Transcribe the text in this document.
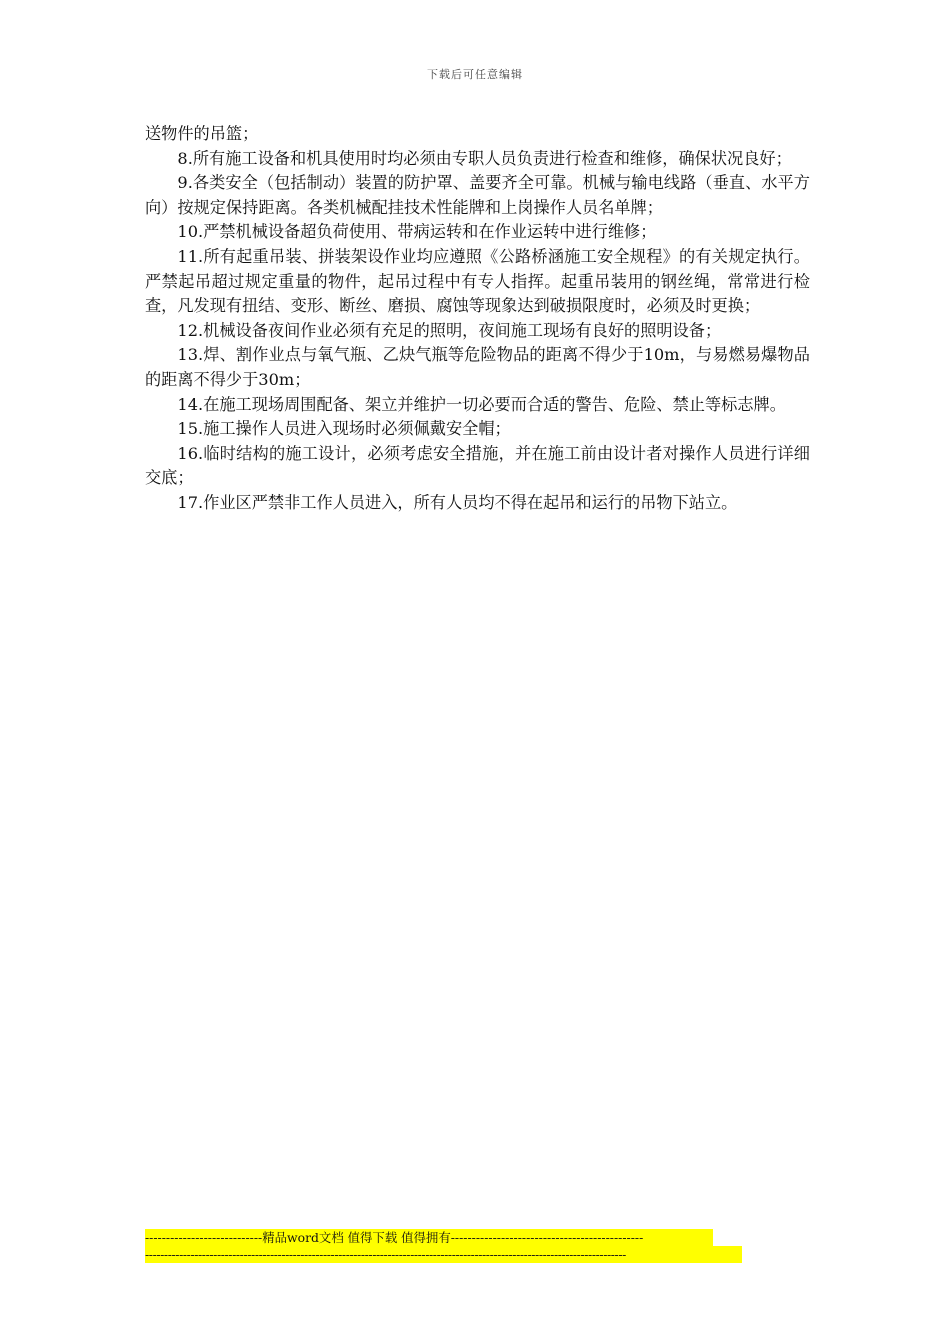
下载后可任意编辑

送物件的吊篮；

8.所有施工设备和机具使用时均必须由专职人员负责进行检查和维修，确保状况良好；

9.各类安全（包括制动）装置的防护罩、盖要齐全可靠。机械与输电线路（垂直、水平方向）按规定保持距离。各类机械配挂技术性能牌和上岗操作人员名单牌；

10.严禁机械设备超负荷使用、带病运转和在作业运转中进行维修；

11.所有起重吊装、拼装架设作业均应遵照《公路桥涵施工安全规程》的有关规定执行。严禁起吊超过规定重量的物件，起吊过程中有专人指挥。起重吊装用的钢丝绳，常常进行检查，凡发现有扭结、变形、断丝、磨损、腐蚀等现象达到破损限度时，必须及时更换；

12.机械设备夜间作业必须有充足的照明，夜间施工现场有良好的照明设备；

13.焊、割作业点与氧气瓶、乙炔气瓶等危险物品的距离不得少于10m，与易燃易爆物品的距离不得少于30m；

14.在施工现场周围配备、架立并维护一切必要而合适的警告、危险、禁止等标志牌。

15.施工操作人员进入现场时必须佩戴安全帽；

16.临时结构的施工设计，必须考虑安全措施，并在施工前由设计者对操作人员进行详细交底；

17.作业区严禁非工作人员进入，所有人员均不得在起吊和运行的吊物下站立。

----------------------------精品word文档 值得下载 值得拥有----------------------------------------------
-------------------------------------------------------------------------------------------------------------------------------
